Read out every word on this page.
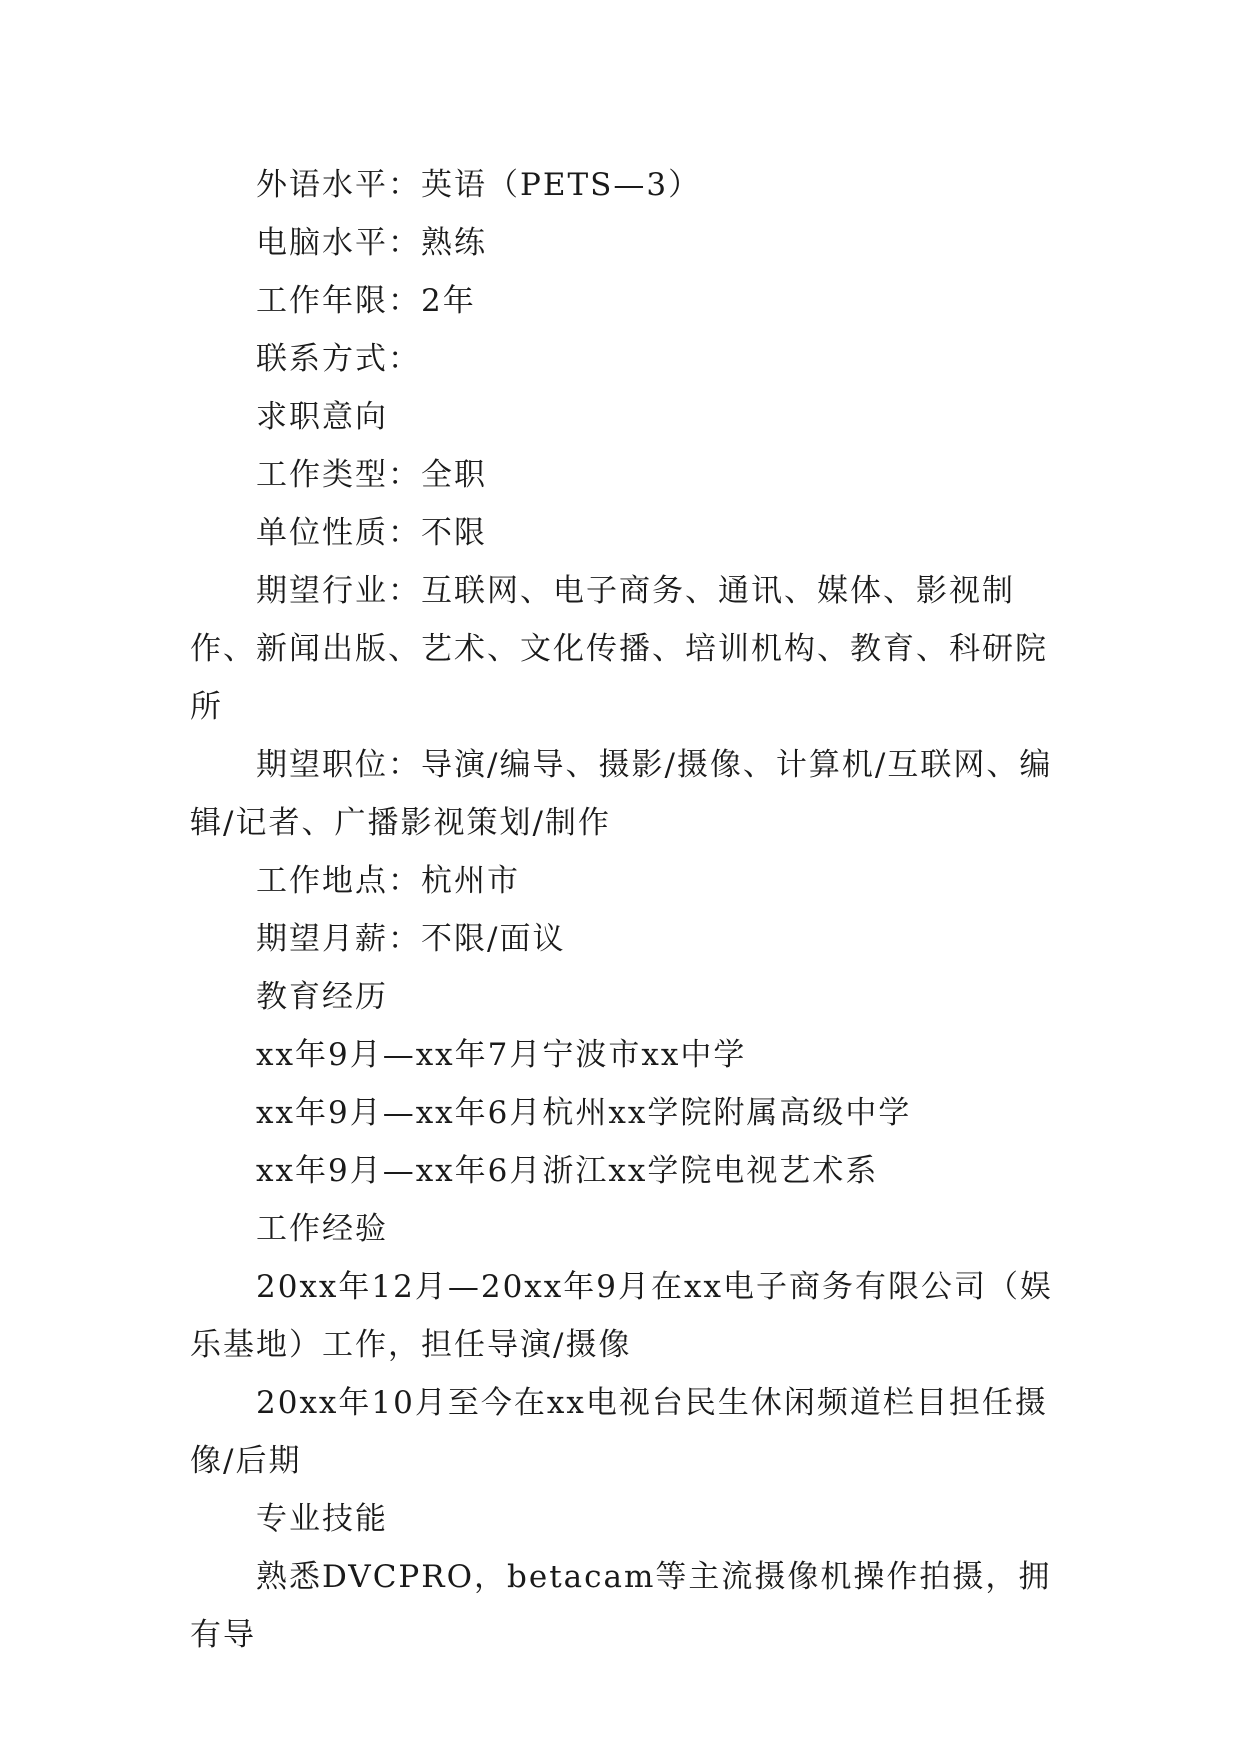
外语水平：英语（PETS—3）

电脑水平：熟练

工作年限：2年

联系方式：

求职意向

工作类型：全职

单位性质：不限

期望行业：互联网、电子商务、通讯、媒体、影视制作、新闻出版、艺术、文化传播、培训机构、教育、科研院所

期望职位：导演/编导、摄影/摄像、计算机/互联网、编辑/记者、广播影视策划/制作

工作地点：杭州市

期望月薪：不限/面议

教育经历

xx年9月—xx年7月宁波市xx中学

xx年9月—xx年6月杭州xx学院附属高级中学

xx年9月—xx年6月浙江xx学院电视艺术系

工作经验

20xx年12月—20xx年9月在xx电子商务有限公司（娱乐基地）工作，担任导演/摄像

20xx年10月至今在xx电视台民生休闲频道栏目担任摄像/后期

专业技能

熟悉DVCPRO，betacam等主流摄像机操作拍摄，拥有导
